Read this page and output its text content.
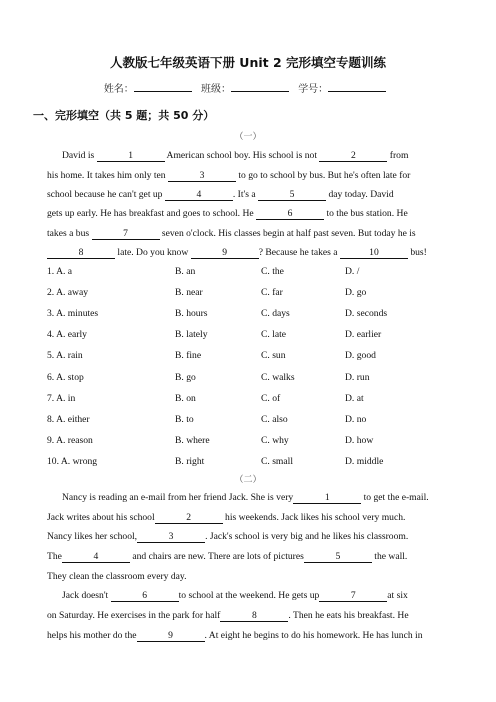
人教版七年级英语下册 Unit 2 完形填空专题训练
姓名：	班级：	学号：
一、完形填空（共 5 题；共 50 分）
（一）
David is	1	American school boy. His school is not	2	from
his home. It takes him only ten	3	to go to school by bus. But he's often late for
school because he can't get up	4	. It's a	5	day today. David
gets up early. He has breakfast and goes to school. He	6	to the bus station. He
takes a bus	7	seven o'clock. His classes begin at half past seven. But today he is
8	late. Do you know	9	? Because he takes a	10	bus!
1. A. a	B. an	C. the	D. /
2. A. away	B. near	C. far	D. go
3. A. minutes	B. hours	C. days	D. seconds
4. A. early	B. lately	C. late	D. earlier
5. A. rain	B. fine	C. sun	D. good
6. A. stop	B. go	C. walks	D. run
7. A. in	B. on	C. of	D. at
8. A. either	B. to	C. also	D. no
9. A. reason	B. where	C. why	D. how
10. A. wrong	B. right	C. small	D. middle
（二）
Nancy is reading an e-mail from her friend Jack. She is very	1	to get the e-mail.
Jack writes about his school	2	his weekends. Jack likes his school very much.
Nancy likes her school,	3	. Jack's school is very big and he likes his classroom.
The	4	and chairs are new. There are lots of pictures	5	the wall.
They clean the classroom every day.
Jack doesn't	6	to school at the weekend. He gets up	7	at six
on Saturday. He exercises in the park for half	8	. Then he eats his breakfast. He
helps his mother do the	9	. At eight he begins to do his homework. He has lunch in
